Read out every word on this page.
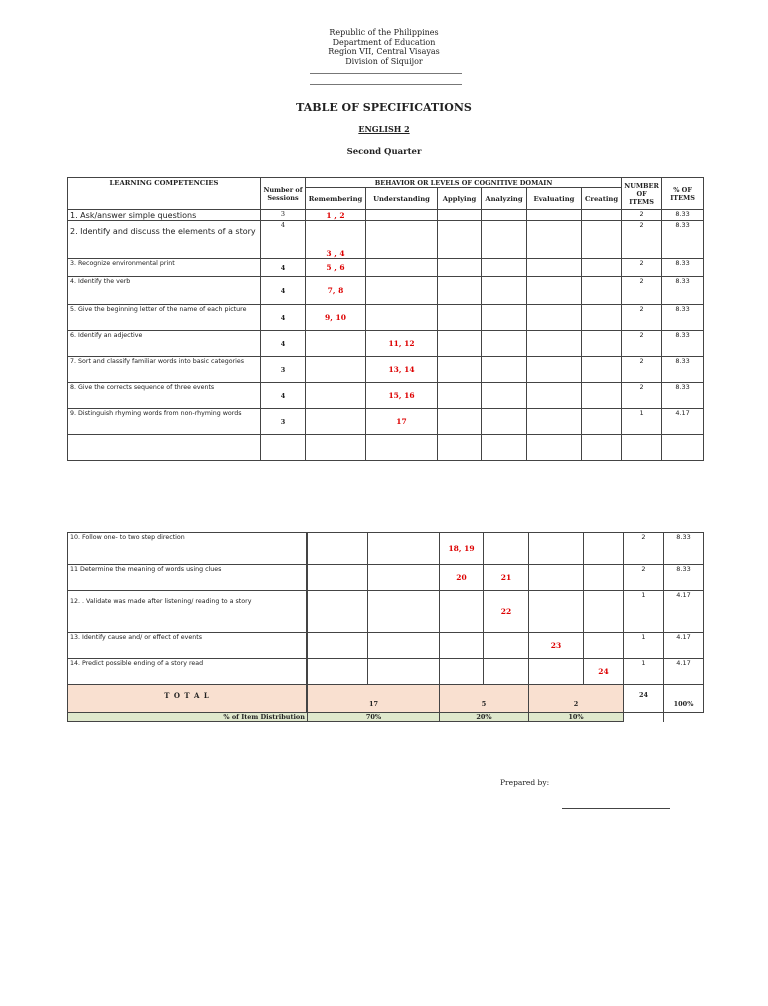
Republic of the Philippines
Department of Education
Region VII, Central Visayas
Division of Siquijor
TABLE OF SPECIFICATIONS
ENGLISH 2
Second Quarter
LEARNING COMPETENCIES	Number of Sessions	BEHAVIOR OR LEVELS OF COGNITIVE DOMAIN						NUMBER OF ITEMS	% OF ITEMS
		Remembering	Understanding	Applying	Analyzing	Evaluating	Creating		
1. Ask/answer simple questions	3	1 , 2						2	8.33
2. Identify and discuss the elements of a story	4	3 , 4						2	8.33
3. Recognize environmental print	4	5 , 6						2	8.33
4. Identify the verb	4	7, 8						2	8.33
5. Give the beginning letter of the name of each picture	4	9, 10						2	8.33
6. Identify an adjective	4		11, 12					2	8.33
7. Sort and classify familiar words into basic categories	3		13, 14					2	8.33
8. Give the corrects sequence of three events	4		15, 16					2	8.33
9. Distinguish rhyming words from non-rhyming words	3		17					1	4.17

10. Follow one- to two step direction				18, 19				2	8.33
11 Determine the meaning of words using clues				20	21			2	8.33
12. . Validate was made after listening/ reading to a story					22			1	4.17
13. Identify cause and/ or effect of events						23		1	4.17
14. Predict possible ending of a story read							24	1	4.17
T O T A L		17		5		2		24	100%
% of Item Distribution	70%		20%		10%			
Prepared by:
